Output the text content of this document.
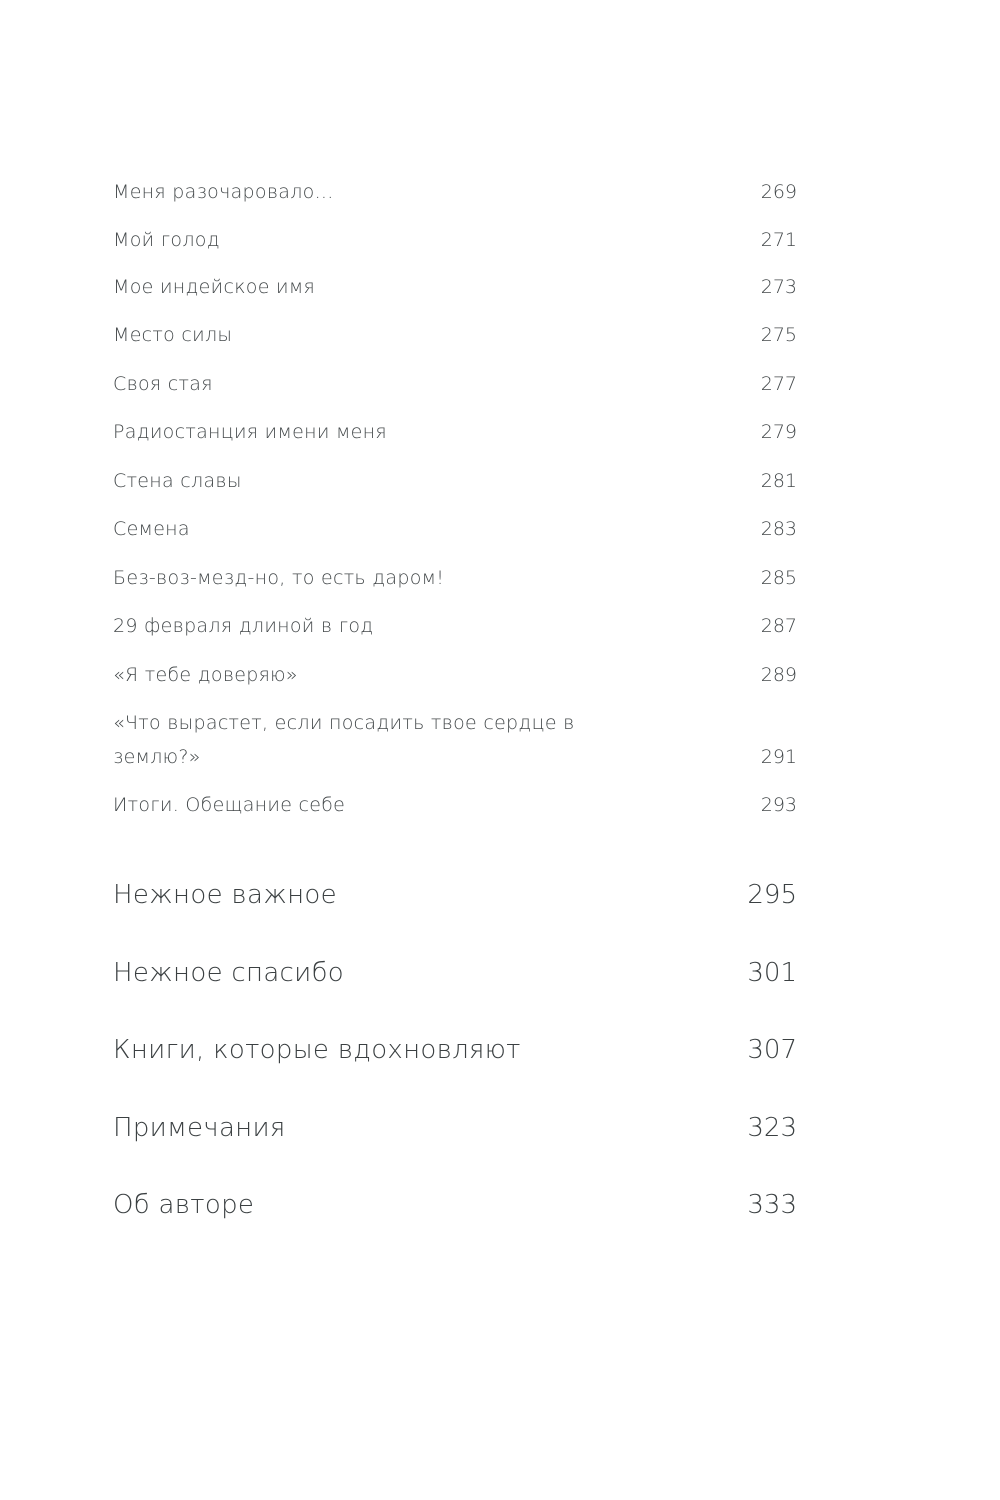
Меня разочаровало...	269
Мой голод	271
Мое индейское имя	273
Место силы	275
Своя стая	277
Радиостанция имени меня	279
Стена славы	281
Семена	283
Без-воз-мезд-но, то есть даром!	285
29 февраля длиной в год	287
«Я тебе доверяю»	289
«Что вырастет, если посадить твое сердце в землю?»	291
Итоги. Обещание себе	293
Нежное важное	295
Нежное спасибо	301
Книги, которые вдохновляют	307
Примечания	323
Об авторе	333
